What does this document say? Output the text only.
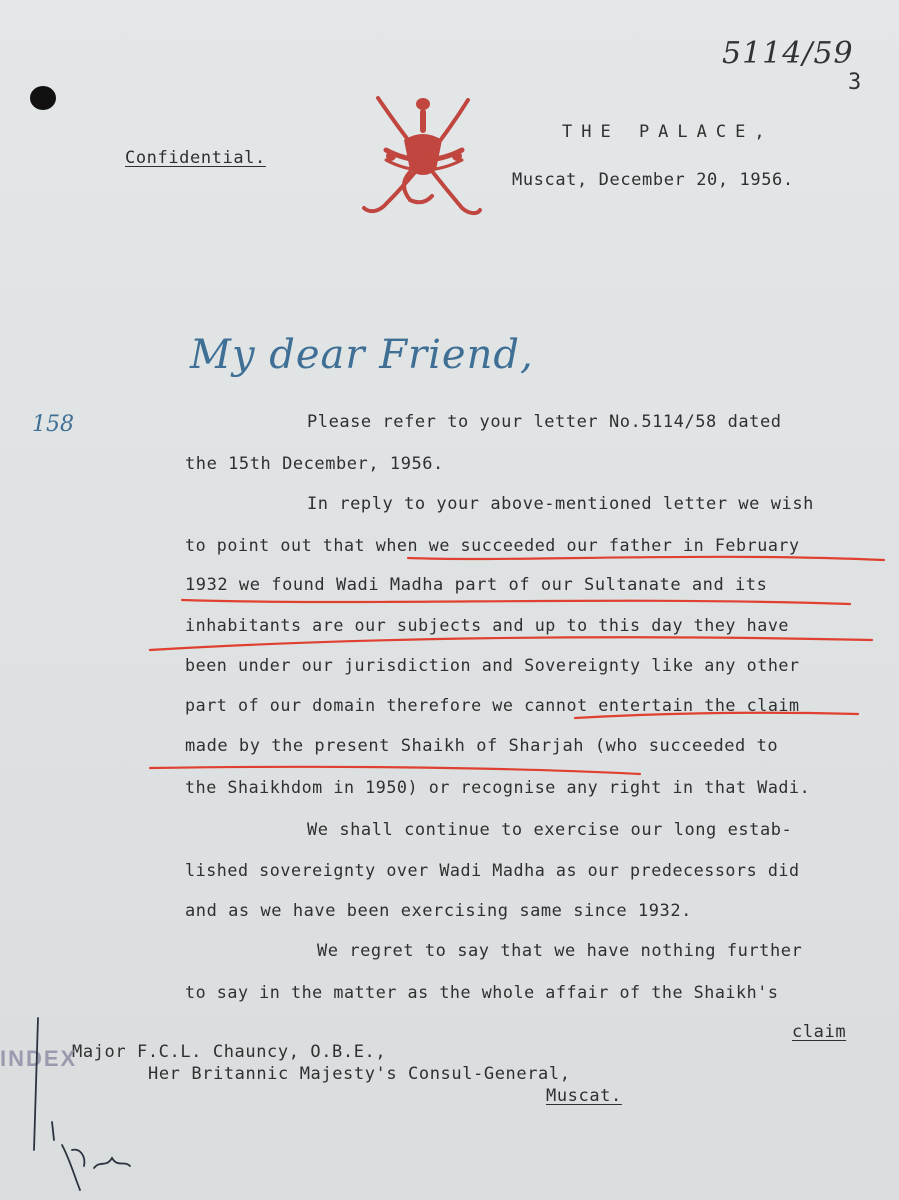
5114/59
3
Confidential.
THE PALACE,
Muscat, December 20, 1956.
My dear Friend,
158	Please refer to your letter No.5114/58 dated
the 15th December, 1956.
In reply to your above-mentioned letter we wish
to point out that when we succeeded our father in February
1932 we found Wadi Madha part of our Sultanate and its
inhabitants are our subjects and up to this day they have
been under our jurisdiction and Sovereignty like any other
part of our domain therefore we cannot entertain the claim
made by the present Shaikh of Sharjah (who succeeded to
the Shaikhdom in 1950) or recognise any right in that Wadi.
We shall continue to exercise our long estab-
lished sovereignty over Wadi Madha as our predecessors did
and as we have been exercising same since 1932.
We regret to say that we have nothing further
to say in the matter as the whole affair of the Shaikh's
claim
Major F.C.L. Chauncy, O.B.E.,
Her Britannic Majesty's Consul-General,
Muscat.
INDEX
